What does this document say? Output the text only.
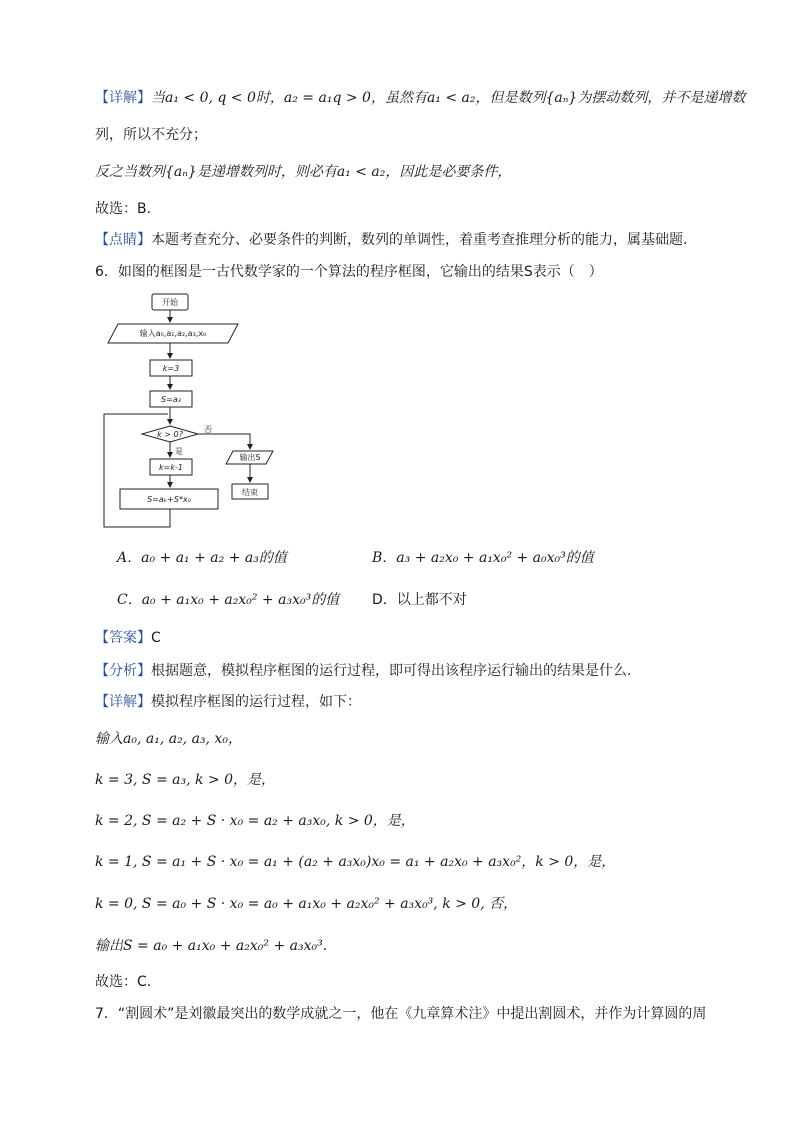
【详解】当a₁ < 0, q < 0时，a₂ = a₁q > 0，虽然有a₁ < a₂，但是数列{aₙ}为摆动数列，并不是递增数
列，所以不充分；
反之当数列{aₙ}是递增数列时，则必有a₁ < a₂，因此是必要条件，
故选：B.
【点睛】本题考查充分、必要条件的判断，数列的单调性，着重考查推理分析的能力，属基础题.
6．如图的框图是一古代数学家的一个算法的程序框图，它输出的结果S表示（　）
开始
输入a₀,a₁,a₂,a₃,x₀
k=3
S=a₃
k > 0?
是
否
k=k-1
S=aₖ+S*x₀
输出S
结束
A．a₀ + a₁ + a₂ + a₃的值	B．a₃ + a₂x₀ + a₁x₀² + a₀x₀³的值
C．a₀ + a₁x₀ + a₂x₀² + a₃x₀³的值 D．以上都不对
【答案】C
【分析】根据题意，模拟程序框图的运行过程，即可得出该程序运行输出的结果是什么.
【详解】模拟程序框图的运行过程，如下：
输入a₀, a₁, a₂, a₃, x₀，
k = 3, S = a₃, k > 0，是，
k = 2, S = a₂ + S · x₀ = a₂ + a₃x₀, k > 0，是，
k = 1, S = a₁ + S · x₀ = a₁ + (a₂ + a₃x₀)x₀ = a₁ + a₂x₀ + a₃x₀²，k > 0，是，
k = 0, S = a₀ + S · x₀ = a₀ + a₁x₀ + a₂x₀² + a₃x₀³, k > 0, 否，
输出S = a₀ + a₁x₀ + a₂x₀² + a₃x₀³.
故选：C.
7．“割圆术”是刘徽最突出的数学成就之一，他在《九章算术注》中提出割圆术，并作为计算圆的周
